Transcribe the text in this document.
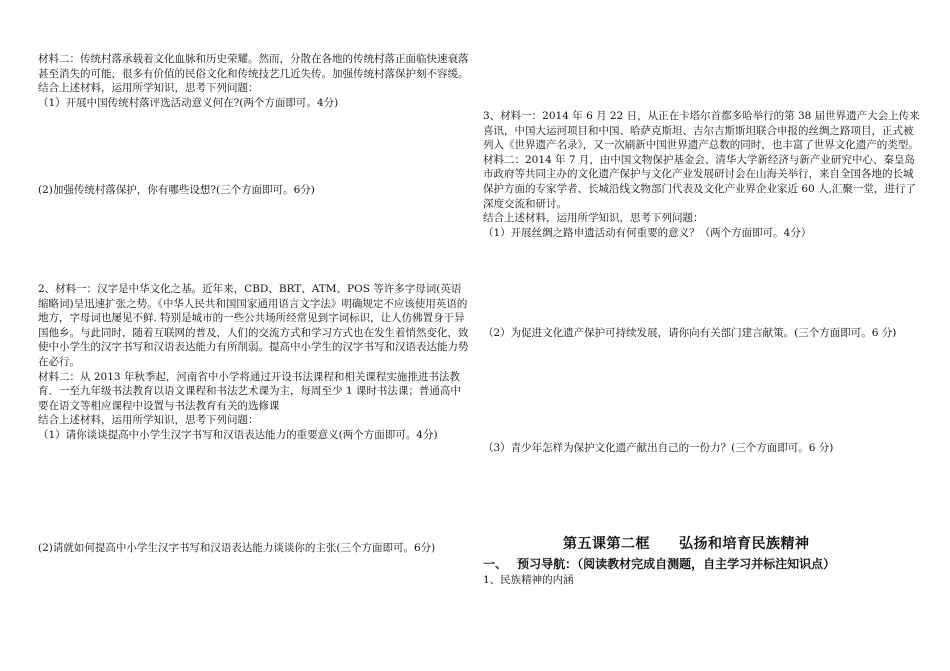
材料二：传统村落承载着文化血脉和历史荣耀。然而，分散在各地的传统村落正面临快速衰落甚至消失的可能，很多有价值的民俗文化和传统技艺几近失传。加强传统村落保护刻不容缓。
结合上述材料，运用所学知识，思考下列问题：
（1）开展中国传统村落评选活动意义何在?(两个方面即可。4分)

(2)加强传统村落保护，你有哪些设想?(三个方面即可。6分)

2、材料一：汉字是中华文化之基。近年来，CBD、BRT、ATM、POS 等许多字母词(英语缩略词)呈迅速扩张之势。《中华人民共和国国家通用语言文字法》明确规定不应该使用英语的地方，字母词也屡见不鲜. 特别是城市的一些公共场所经常见到字词标识，让人仿佛置身于异国他乡。与此同时，随着互联网的普及，人们的交流方式和学习方式也在发生着悄然变化，致使中小学生的汉字书写和汉语表达能力有所削弱。提高中小学生的汉字书写和汉语表达能力势在必行。
材料二：从 2013 年秋季起，河南省中小学将通过开设书法课程和相关课程实施推进书法教育．一至九年级书法教育以语文课程和书法艺术课为主，每周至少 1 课时书法课；普通高中要在语文等相应课程中设置与书法教育有关的选修课
结合上述材料，运用所学知识，思考下列问题：
（1）请你谈谈提高中小学生汉字书写和汉语表达能力的重要意义(两个方面即可。4分)

(2)请就如何提高中小学生汉字书写和汉语表达能力谈谈你的主张(三个方面即可。6分)

3、材料一：2014 年 6 月 22 日，从正在卡塔尔首都多哈举行的第 38 届世界遗产大会上传来喜讯，中国大运河项目和中国、哈萨克斯坦、吉尔吉斯斯坦联合申报的丝绸之路项目，正式被列入《世界遗产名录》，又一次刷新中国世界遗产总数的同时，也丰富了世界文化遗产的类型。
材料二：2014 年 7 月，由中国文物保护基金会、清华大学新经济与新产业研究中心、秦皇岛市政府等共同主办的文化遗产保护与文化产业发展研讨会在山海关举行，来自全国各地的长城保护方面的专家学者、长城沿线文物部门代表及文化产业界企业家近 60 人,汇聚一堂，进行了深度交流和研讨。
结合上述材料，运用所学知识，思考下列问题：
（1）开展丝绸之路申遗活动有何重要的意义？（两个方面即可。4分）

（2）为促进文化遗产保护可持续发展，请你向有关部门建言献策。(三个方面即可。6 分)

（3）青少年怎样为保护文化遗产献出自己的一份力？(三个方面即可。6 分)

第五课第二框　　弘扬和培育民族精神
一、　 预习导航：（阅读教材完成自测题，自主学习并标注知识点）
1、民族精神的内涵
